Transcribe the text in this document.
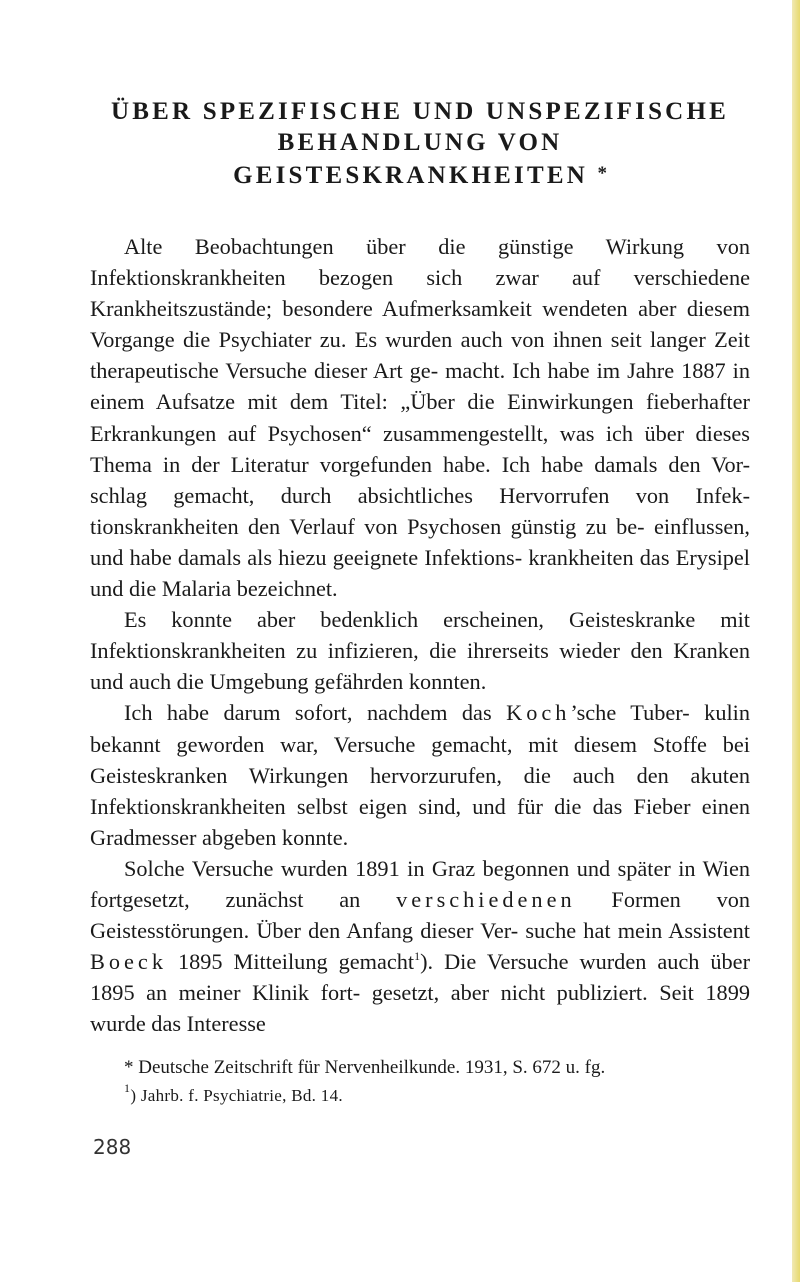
ÜBER SPEZIFISCHE UND UNSPEZIFISCHE
BEHANDLUNG VON
GEISTESKRANKHEITEN *

Alte Beobachtungen über die günstige Wirkung von Infektionskrankheiten bezogen sich zwar auf verschiedene Krankheitszustände; besondere Aufmerksamkeit wendeten aber diesem Vorgange die Psychiater zu. Es wurden auch von ihnen seit langer Zeit therapeutische Versuche dieser Art ge- macht. Ich habe im Jahre 1887 in einem Aufsatze mit dem Titel: „Über die Einwirkungen fieberhafter Erkrankungen auf Psychosen“ zusammengestellt, was ich über dieses Thema in der Literatur vorgefunden habe. Ich habe damals den Vor- schlag gemacht, durch absichtliches Hervorrufen von Infek- tionskrankheiten den Verlauf von Psychosen günstig zu be- einflussen, und habe damals als hiezu geeignete Infektions- krankheiten das Erysipel und die Malaria bezeichnet.

Es konnte aber bedenklich erscheinen, Geisteskranke mit Infektionskrankheiten zu infizieren, die ihrerseits wieder den Kranken und auch die Umgebung gefährden konnten.

Ich habe darum sofort, nachdem das Koch’sche Tuber- kulin bekannt geworden war, Versuche gemacht, mit diesem Stoffe bei Geisteskranken Wirkungen hervorzurufen, die auch den akuten Infektionskrankheiten selbst eigen sind, und für die das Fieber einen Gradmesser abgeben konnte.

Solche Versuche wurden 1891 in Graz begonnen und später in Wien fortgesetzt, zunächst an verschiedenen Formen von Geistesstörungen. Über den Anfang dieser Ver- suche hat mein Assistent Boeck 1895 Mitteilung gemacht$^1$). Die Versuche wurden auch über 1895 an meiner Klinik fort- gesetzt, aber nicht publiziert. Seit 1899 wurde das Interesse

* Deutsche Zeitschrift für Nervenheilkunde. 1931, S. 672 u. fg.

$^1$) Jahrb. f. Psychiatrie, Bd. 14.

288
